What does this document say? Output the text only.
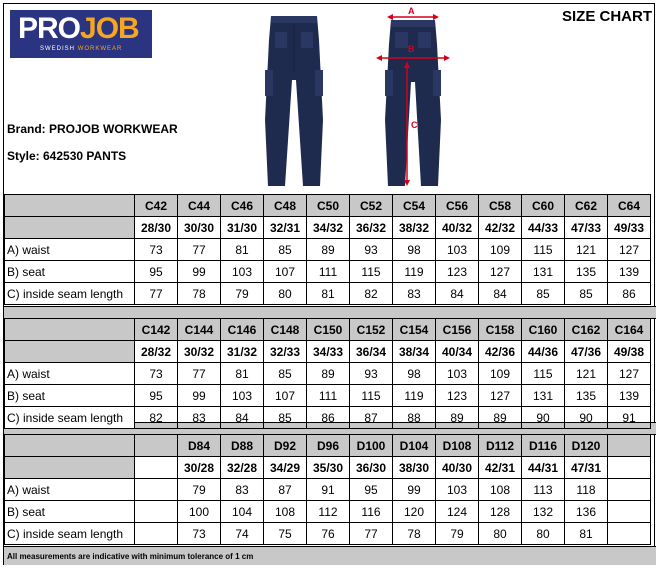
PROJOB
SWEDISH WORKWEAR
SIZE CHART
Brand: PROJOB WORKWEAR
Style: 642530 PANTS
A
B
C
	C42	C44	C46	C48	C50	C52	C54	C56	C58	C60	C62	C64
	28/30	30/30	31/30	32/31	34/32	36/32	38/32	40/32	42/32	44/33	47/33	49/33
A) waist	73	77	81	85	89	93	98	103	109	115	121	127
B) seat	95	99	103	107	111	115	119	123	127	131	135	139
C) inside seam length	77	78	79	80	81	82	83	84	84	85	85	86
	C142	C144	C146	C148	C150	C152	C154	C156	C158	C160	C162	C164
	28/32	30/32	31/32	32/33	34/33	36/34	38/34	40/34	42/36	44/36	47/36	49/38
A) waist	73	77	81	85	89	93	98	103	109	115	121	127
B) seat	95	99	103	107	111	115	119	123	127	131	135	139
C) inside seam length	82	83	84	85	86	87	88	89	89	90	90	91
		D84	D88	D92	D96	D100	D104	D108	D112	D116	D120	
		30/28	32/28	34/29	35/30	36/30	38/30	40/30	42/31	44/31	47/31	
A) waist		79	83	87	91	95	99	103	108	113	118	
B) seat		100	104	108	112	116	120	124	128	132	136	
C) inside seam length		73	74	75	76	77	78	79	80	80	81	
All measurements are indicative with minimum tolerance of 1 cm
